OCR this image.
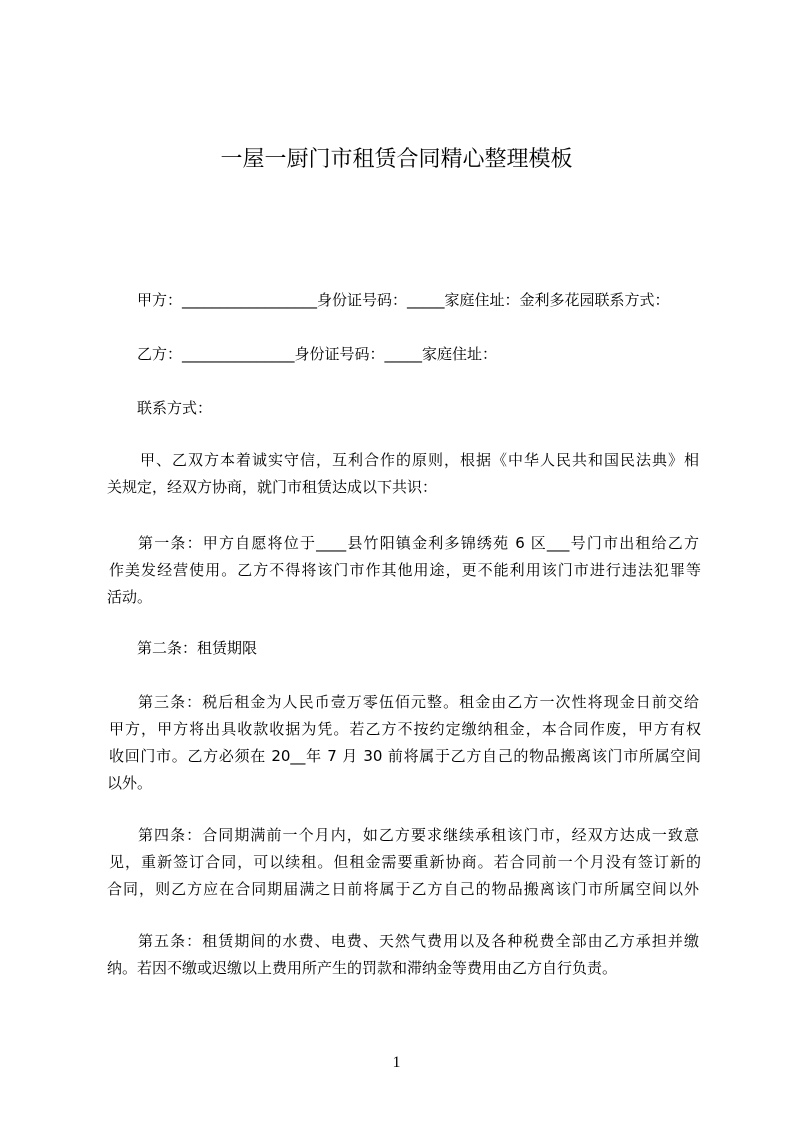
一屋一厨门市租赁合同精心整理模板
甲方：__________________身份证号码：_____家庭住址：金利多花园联系方式：
乙方：_______________身份证号码：_____家庭住址：
联系方式：
甲、乙双方本着诚实守信，互利合作的原则，根据《中华人民共和国民法典》相
关规定，经双方协商，就门市租赁达成以下共识：
第一条：甲方自愿将位于____县竹阳镇金利多锦绣苑 6 区___号门市出租给乙方
作美发经营使用。乙方不得将该门市作其他用途，更不能利用该门市进行违法犯罪等
活动。
第二条：租赁期限
第三条：税后租金为人民币壹万零伍佰元整。租金由乙方一次性将现金日前交给
甲方，甲方将出具收款收据为凭。若乙方不按约定缴纳租金，本合同作废，甲方有权
收回门市。乙方必须在 20__年 7 月 30 前将属于乙方自己的物品搬离该门市所属空间
以外。
第四条：合同期满前一个月内，如乙方要求继续承租该门市，经双方达成一致意
见，重新签订合同，可以续租。但租金需要重新协商。若合同前一个月没有签订新的
合同，则乙方应在合同期届满之日前将属于乙方自己的物品搬离该门市所属空间以外
第五条：租赁期间的水费、电费、天然气费用以及各种税费全部由乙方承担并缴
纳。若因不缴或迟缴以上费用所产生的罚款和滞纳金等费用由乙方自行负责。
1
